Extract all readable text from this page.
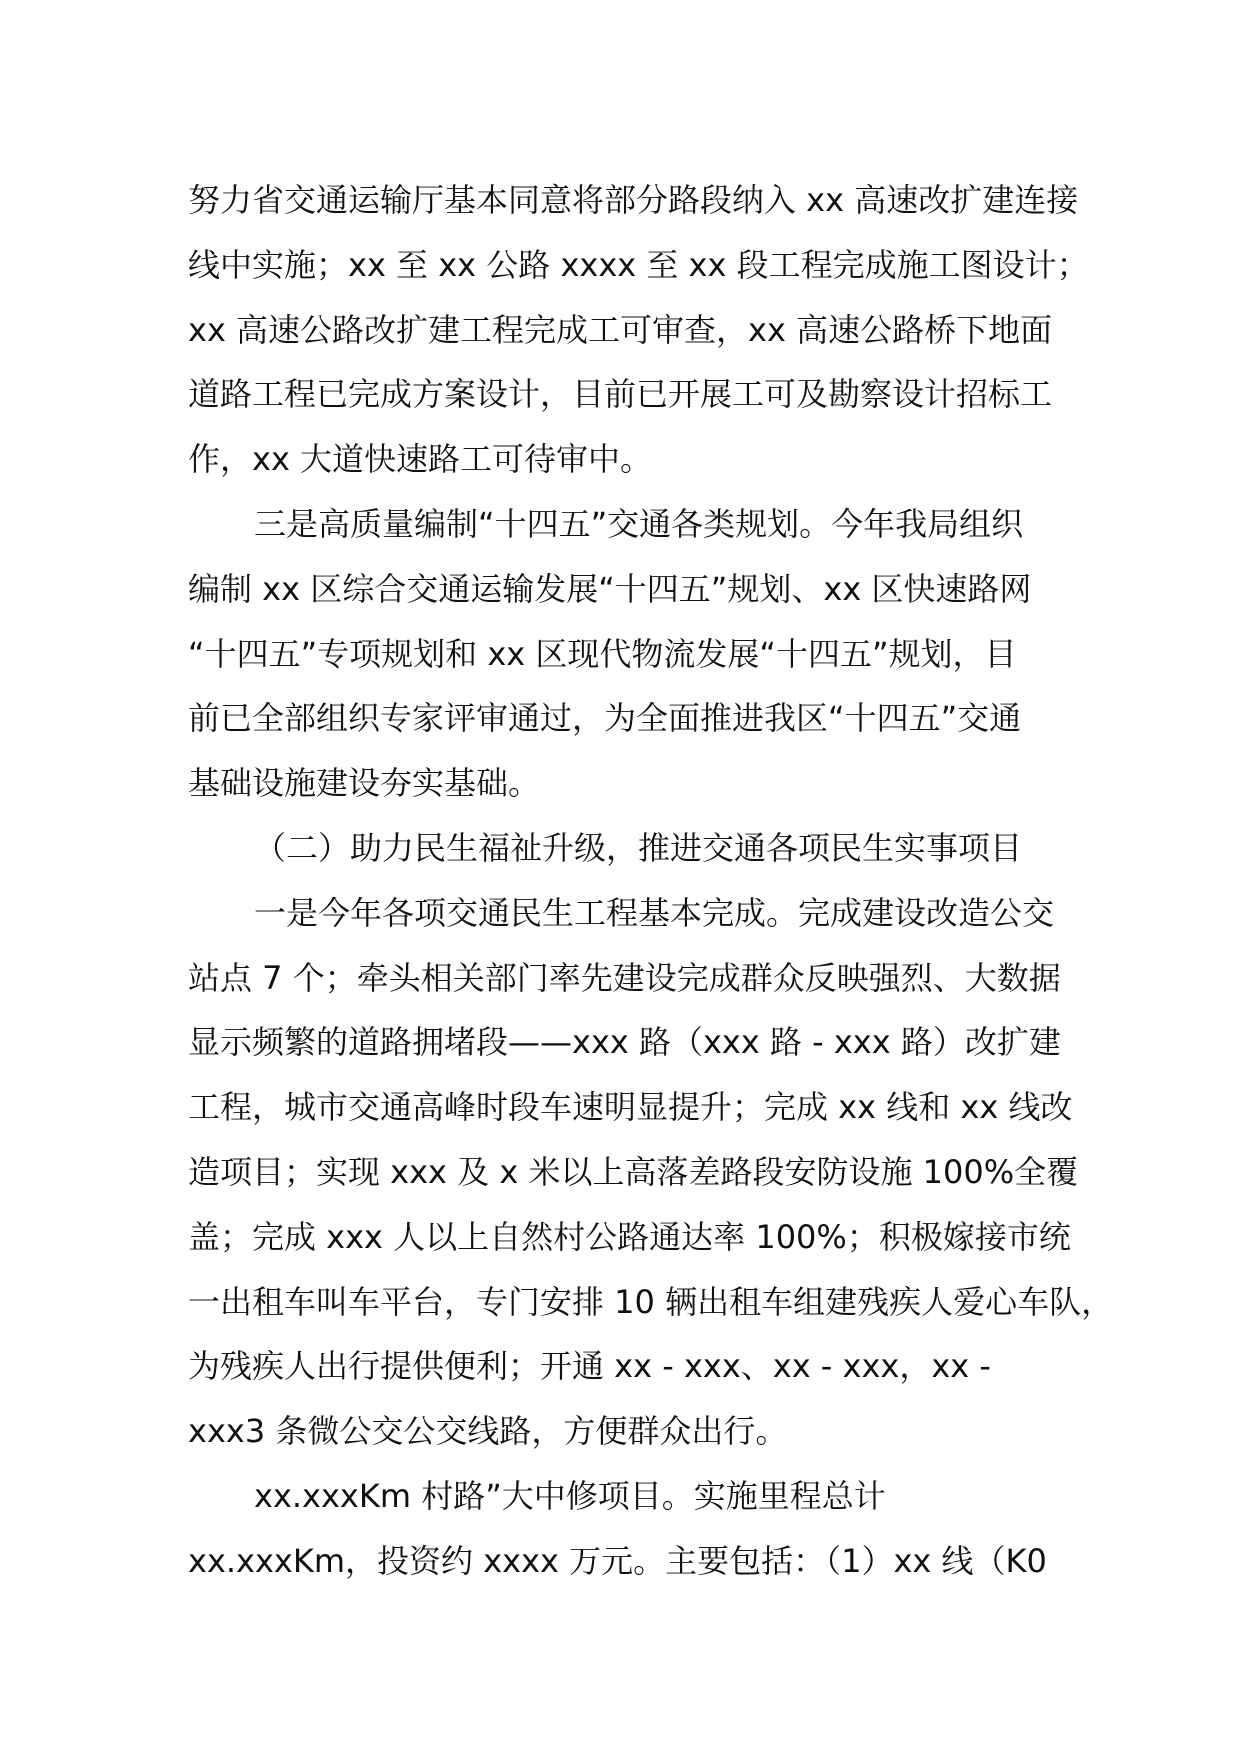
努力省交通运输厅基本同意将部分路段纳入 xx 高速改扩建连接
线中实施；xx 至 xx 公路 xxxx 至 xx 段工程完成施工图设计；
xx 高速公路改扩建工程完成工可审查，xx 高速公路桥下地面
道路工程已完成方案设计，目前已开展工可及勘察设计招标工
作，xx 大道快速路工可待审中。
三是高质量编制“十四五”交通各类规划。今年我局组织
编制 xx 区综合交通运输发展“十四五”规划、xx 区快速路网
“十四五”专项规划和 xx 区现代物流发展“十四五”规划，目
前已全部组织专家评审通过，为全面推进我区“十四五”交通
基础设施建设夯实基础。
（二）助力民生福祉升级，推进交通各项民生实事项目
一是今年各项交通民生工程基本完成。完成建设改造公交
站点 7 个；牵头相关部门率先建设完成群众反映强烈、大数据
显示频繁的道路拥堵段——xxx 路（xxx 路 - xxx 路）改扩建
工程，城市交通高峰时段车速明显提升；完成 xx 线和 xx 线改
造项目；实现 xxx 及 x 米以上高落差路段安防设施 100%全覆
盖；完成 xxx 人以上自然村公路通达率 100%；积极嫁接市统
一出租车叫车平台，专门安排 10 辆出租车组建残疾人爱心车队，
为残疾人出行提供便利；开通 xx - xxx、xx - xxx，xx -
xxx3 条微公交公交线路，方便群众出行。
xx.xxxKm 村路”大中修项目。实施里程总计
xx.xxxKm，投资约 xxxx 万元。主要包括：（1）xx 线（K0
